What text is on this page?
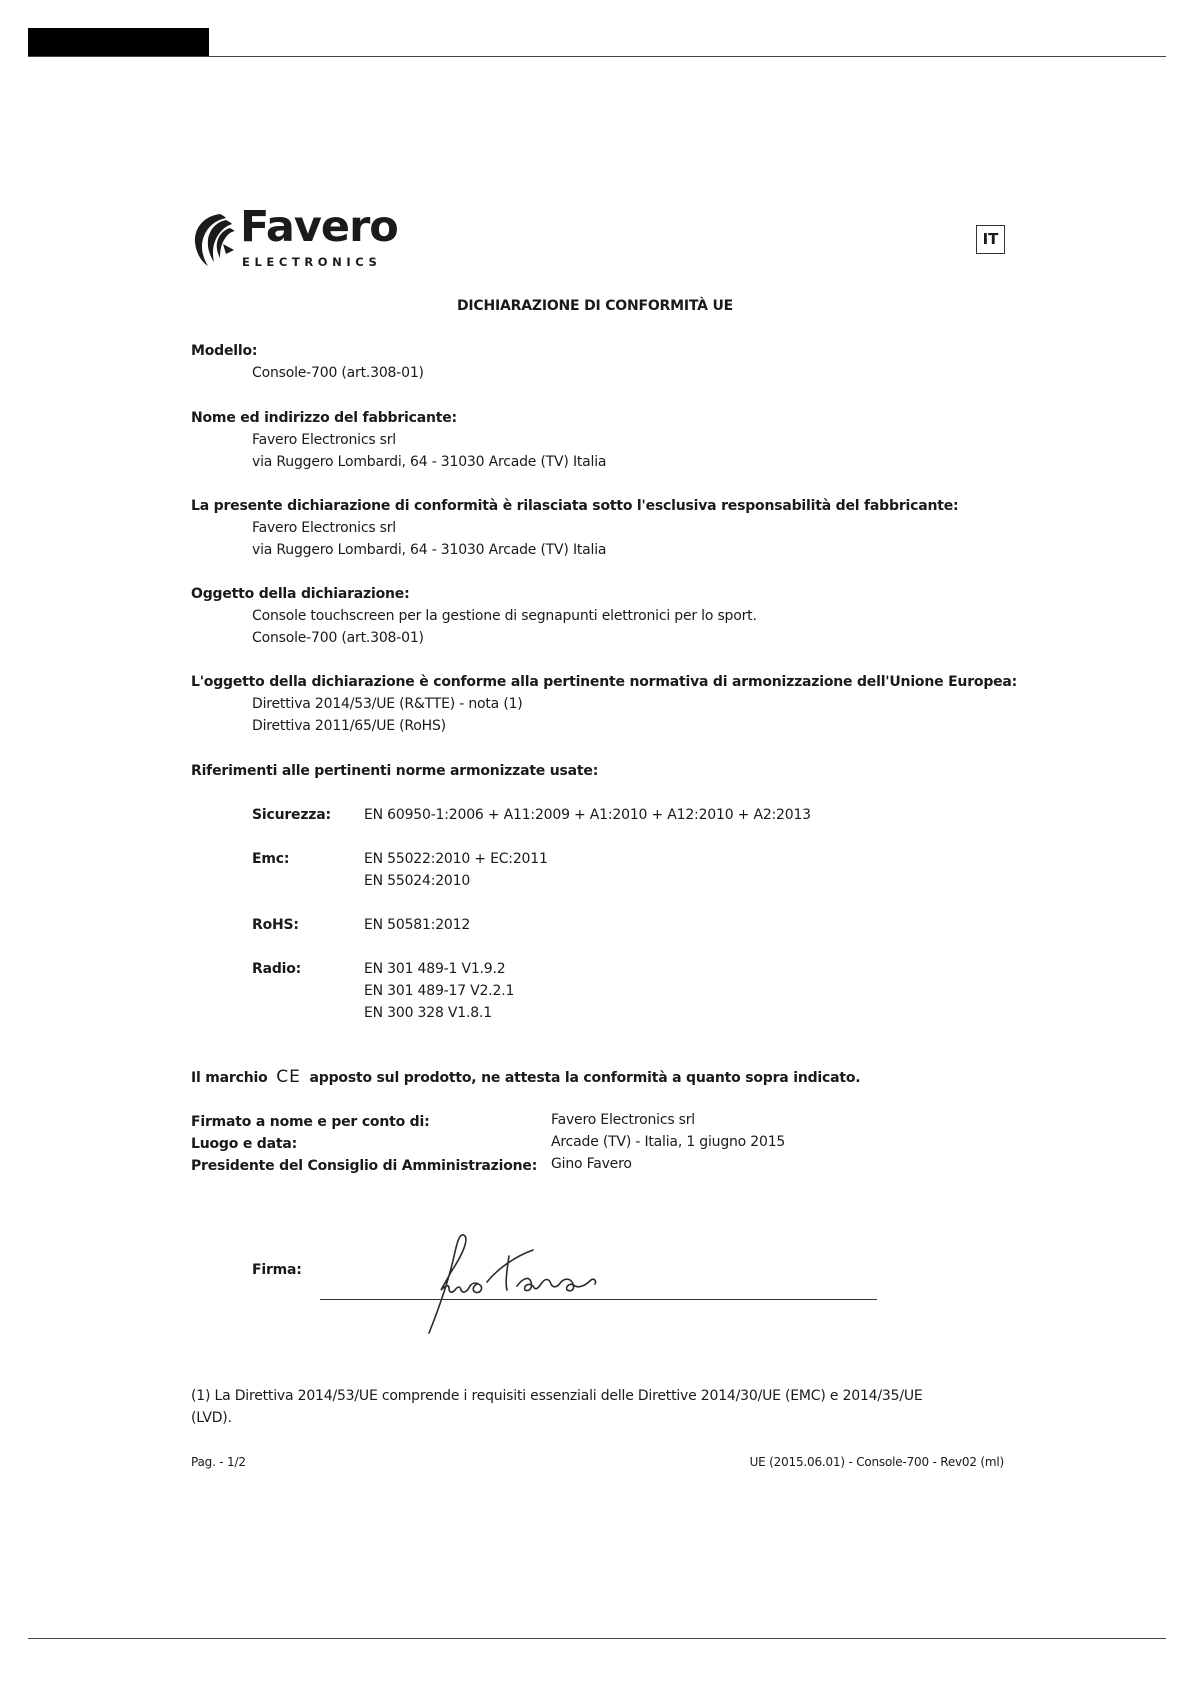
Favero
ELECTRONICS
IT
DICHIARAZIONE DI CONFORMITÀ UE
Modello:
Console-700 (art.308-01)
Nome ed indirizzo del fabbricante:
Favero Electronics srl
via Ruggero Lombardi, 64 - 31030 Arcade (TV) Italia
La presente dichiarazione di conformità è rilasciata sotto l'esclusiva responsabilità del fabbricante:
Favero Electronics srl
via Ruggero Lombardi, 64 - 31030 Arcade (TV) Italia
Oggetto della dichiarazione:
Console touchscreen per la gestione di segnapunti elettronici per lo sport.
Console-700 (art.308-01)
L'oggetto della dichiarazione è conforme alla pertinente normativa di armonizzazione dell'Unione Europea:
Direttiva 2014/53/UE (R&TTE) - nota (1)
Direttiva 2011/65/UE (RoHS)
Riferimenti alle pertinenti norme armonizzate usate:
Sicurezza: EN 60950-1:2006 + A11:2009 + A1:2010 + A12:2010 + A2:2013
Emc:	EN 55022:2010 + EC:2011
EN 55024:2010
RoHS:	EN 50581:2012
Radio:	EN 301 489-1 V1.9.2
EN 301 489-17 V2.2.1
EN 300 328 V1.8.1
Il marchio CE apposto sul prodotto, ne attesta la conformità a quanto sopra indicato.
Firmato a nome e per conto di:	Favero Electronics srl
Luogo e data:	Arcade (TV) - Italia, 1 giugno 2015
Presidente del Consiglio di Amministrazione: Gino Favero
Firma:
(1) La Direttiva 2014/53/UE comprende i requisiti essenziali delle Direttive 2014/30/UE (EMC) e 2014/35/UE
(LVD).
Pag. - 1/2	UE (2015.06.01) - Console-700 - Rev02 (ml)
